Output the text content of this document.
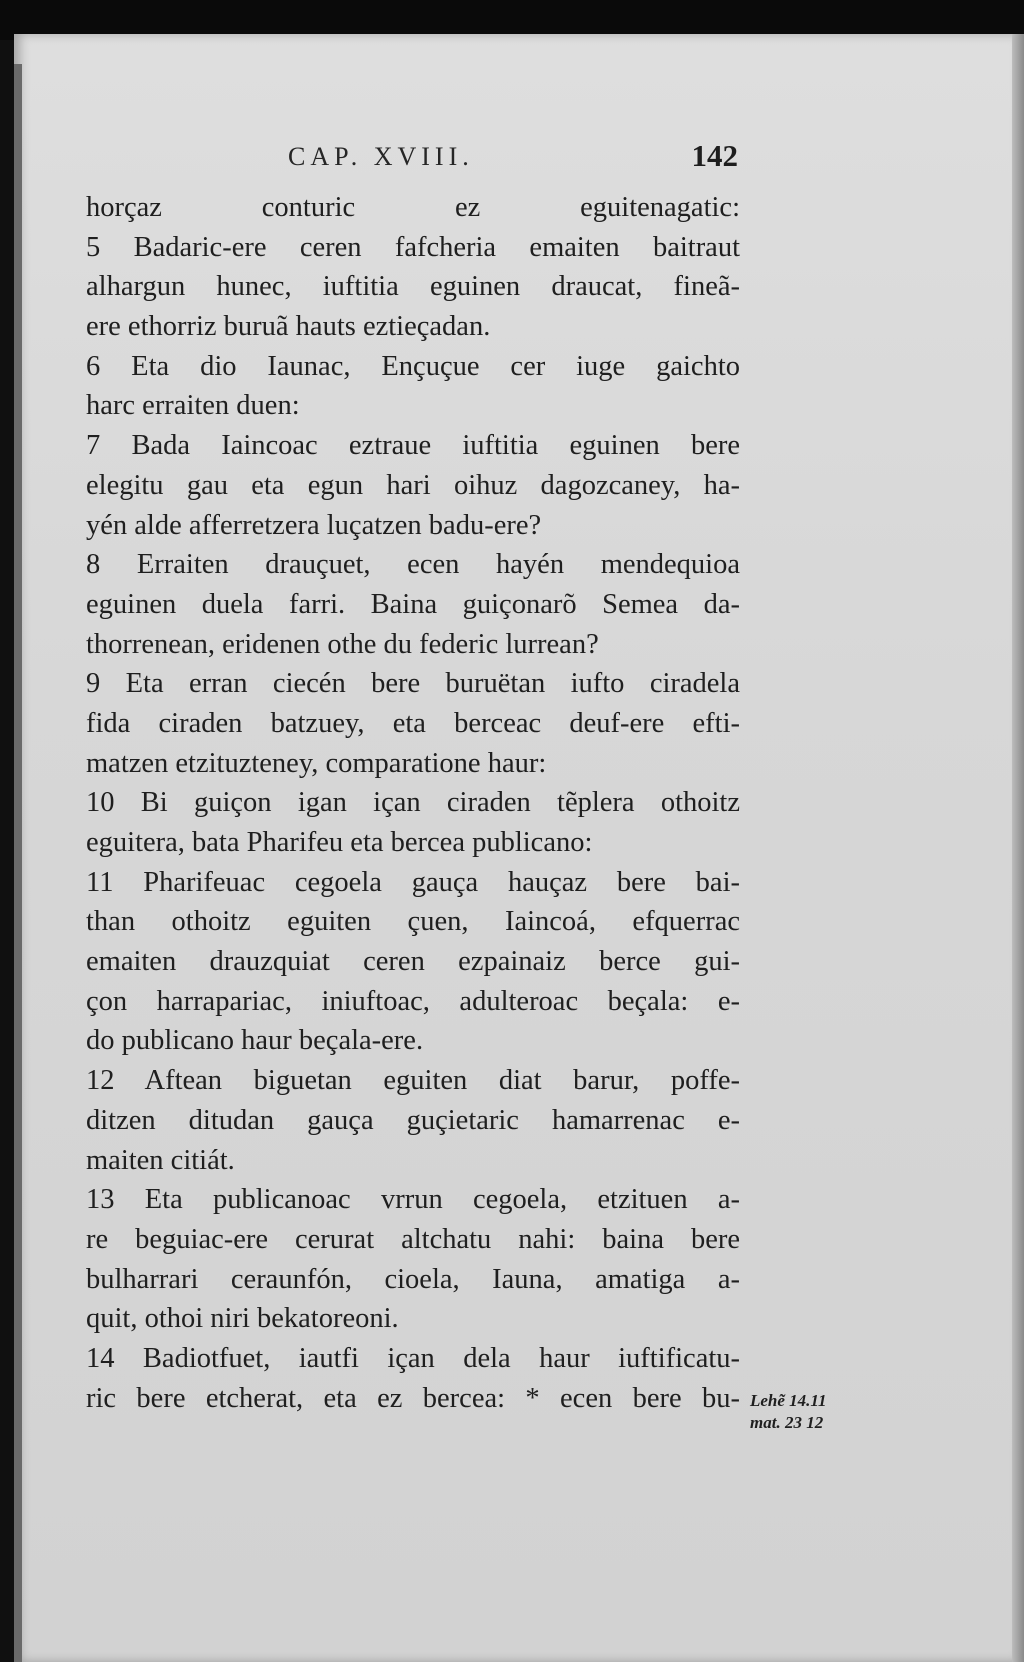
CAP. XVIII.	142
horçaz conturic ez eguitenagatic:
5 Badaric-ere ceren fafcheria emaiten baitraut
alhargun hunec, iuftitia eguinen draucat, fineã-
ere ethorriz buruã hauts eztieçadan.
6 Eta dio Iaunac, Ençuçue cer iuge gaichto
harc erraiten duen:
7 Bada Iaincoac eztraue iuftitia eguinen bere
elegitu gau eta egun hari oihuz dagozcaney, ha-
yén alde afferretzera luçatzen badu-ere?
8 Erraiten drauçuet, ecen hayén mendequioa
eguinen duela farri. Baina guiçonarõ Semea da-
thorrenean, eridenen othe du federic lurrean?
9 Eta erran ciecén bere buruëtan iufto ciradela
fida ciraden batzuey, eta berceac deuf-ere efti-
matzen etzituzteney, comparatione haur:
10 Bi guiçon igan içan ciraden tẽplera othoitz
eguitera, bata Pharifeu eta bercea publicano:
11 Pharifeuac cegoela gauça hauçaz bere bai-
than othoitz eguiten çuen, Iaincoá, efquerrac
emaiten drauzquiat ceren ezpainaiz berce gui-
çon harrapariac, iniuftoac, adulteroac beçala: e-
do publicano haur beçala-ere.
12 Aftean biguetan eguiten diat barur, poffe-
ditzen ditudan gauça guçietaric hamarrenac e-
maiten citiát.
13 Eta publicanoac vrrun cegoela, etzituen a-
re beguiac-ere cerurat altchatu nahi: baina bere
bulharrari ceraunfón, cioela, Iauna, amatiga a-
quit, othoi niri bekatoreoni.
14 Badiotfuet, iautfi içan dela haur iuftificatu-
ric bere etcherat, eta ez bercea: * ecen bere bu- Lehẽ 14.11
mat. 23 12
